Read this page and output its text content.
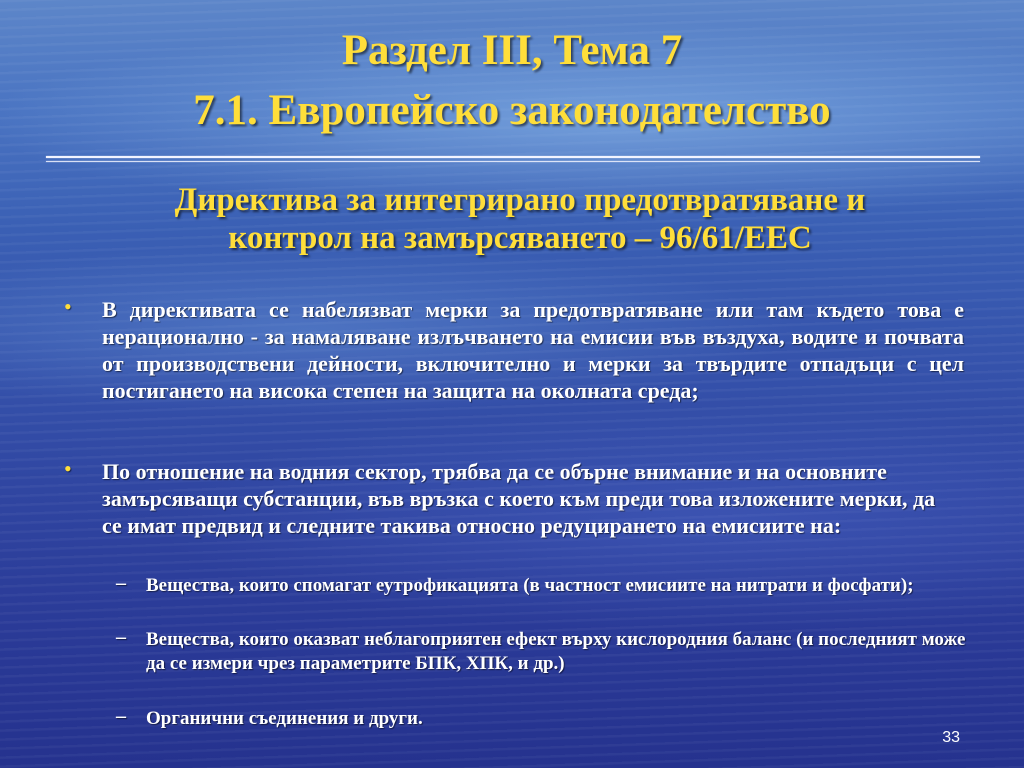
Раздел III, Тема 7
7.1. Европейско законодателство
Директива за интегрирано предотвратяване и
контрол на замърсяването – 96/61/ЕЕС
• В директивата се набелязват мерки за предотвратяване или там където това е нерационално - за намаляване излъчването на емисии във въздуха, водите и почвата от производствени дейности, включително и мерки за твърдите отпадъци с цел постигането на висока степен на защита на околната среда;
• По отношение на водния сектор, трябва да се обърне внимание и на основните замърсяващи субстанции, във връзка с което към преди това изложените мерки, да се имат предвид и следните такива относно редуцирането на емисиите на:
– Вещества, които спомагат еутрофикацията (в частност емисиите на нитрати и фосфати);
– Вещества, които оказват неблагоприятен ефект върху кислородния баланс (и последният може да се измери чрез параметрите БПК, ХПК, и др.)
– Органични съединения и други.
33
